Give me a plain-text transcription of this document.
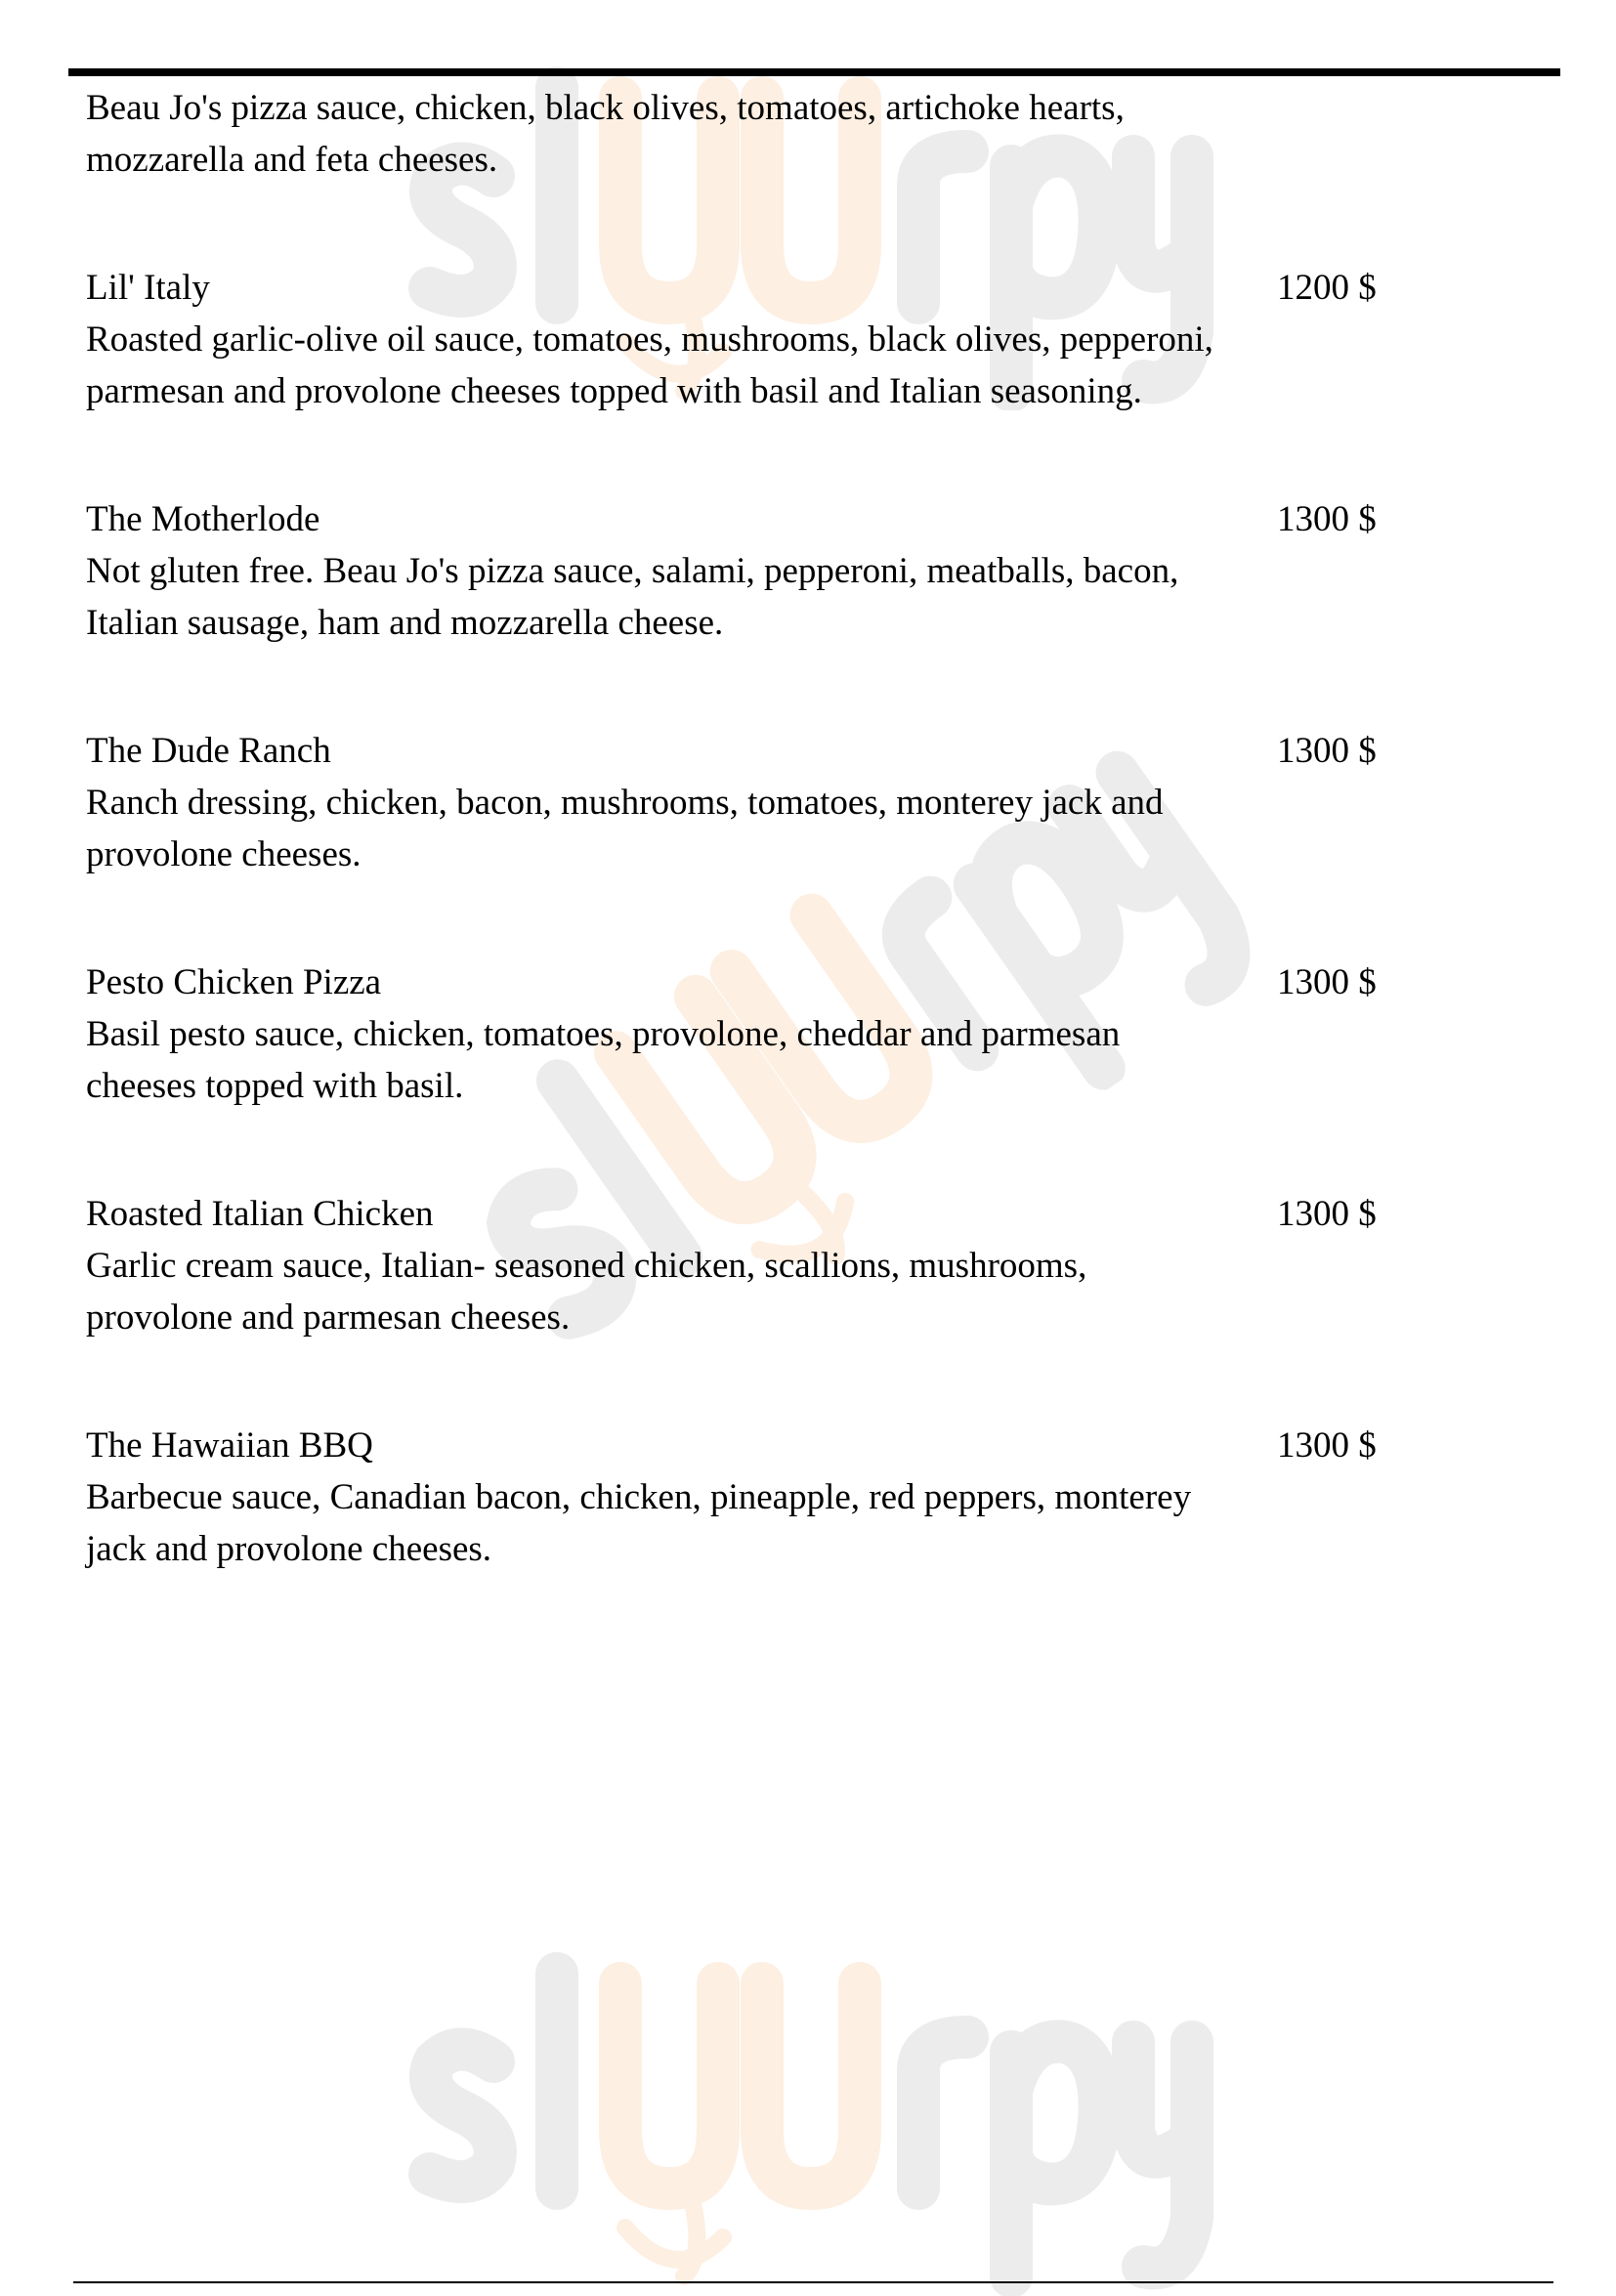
Beau Jo's pizza sauce, chicken, black olives, tomatoes, artichoke hearts, mozzarella and feta cheeses.
Lil' Italy	1200 $
Roasted garlic-olive oil sauce, tomatoes, mushrooms, black olives, pepperoni, parmesan and provolone cheeses topped with basil and Italian seasoning.
The Motherlode	1300 $
Not gluten free. Beau Jo's pizza sauce, salami, pepperoni, meatballs, bacon, Italian sausage, ham and mozzarella cheese.
The Dude Ranch	1300 $
Ranch dressing, chicken, bacon, mushrooms, tomatoes, monterey jack and provolone cheeses.
Pesto Chicken Pizza	1300 $
Basil pesto sauce, chicken, tomatoes, provolone, cheddar and parmesan cheeses topped with basil.
Roasted Italian Chicken	1300 $
Garlic cream sauce, Italian- seasoned chicken, scallions, mushrooms, provolone and parmesan cheeses.
The Hawaiian BBQ	1300 $
Barbecue sauce, Canadian bacon, chicken, pineapple, red peppers, monterey jack and provolone cheeses.
